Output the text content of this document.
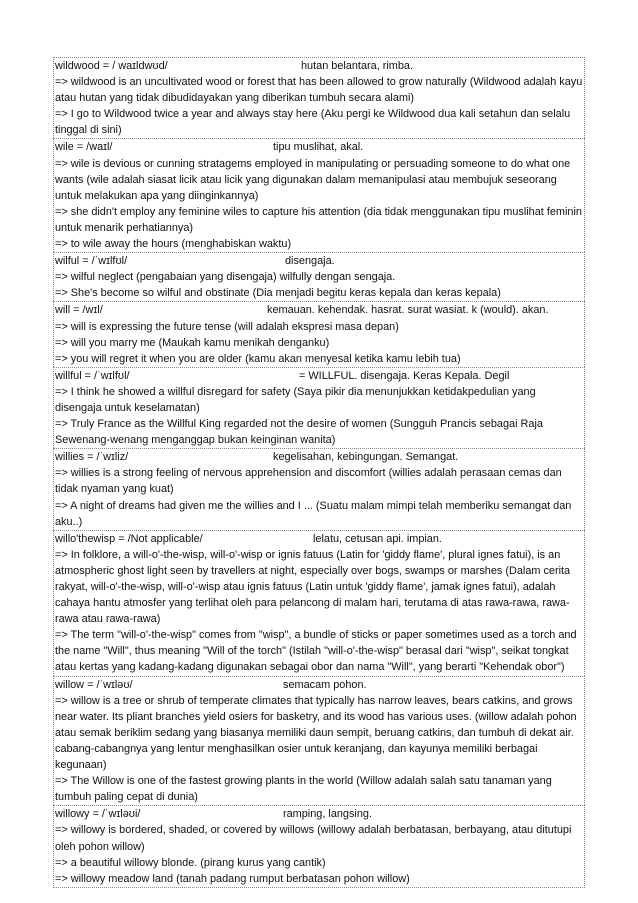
wildwood = / waɪldwʊd/	hutan belantara, rimba.

=> wildwood is an uncultivated wood or forest that has been allowed to grow naturally (Wildwood adalah kayu atau hutan yang tidak dibudidayakan yang diberikan tumbuh secara alami)

=> I go to Wildwood twice a year and always stay here (Aku pergi ke Wildwood dua kali setahun dan selalu tinggal di sini)

wile = /waɪl/	tipu muslihat, akal.

=> wile is devious or cunning stratagems employed in manipulating or persuading someone to do what one wants (wile adalah siasat licik atau licik yang digunakan dalam memanipulasi atau membujuk seseorang untuk melakukan apa yang diinginkannya)

=> she didn't employ any feminine wiles to capture his attention (dia tidak menggunakan tipu muslihat feminin untuk menarik perhatiannya)

=> to wile away the hours (menghabiskan waktu)

wilful = /ˈwɪlfʊl/	disengaja.

=> wilful neglect (pengabaian yang disengaja) wilfully dengan sengaja.

=> She's become so wilful and obstinate (Dia menjadi begitu keras kepala dan keras kepala)

will = /wɪl/	kemauan. kehendak. hasrat. surat wasiat. k (would). akan.

=> will is expressing the future tense (will adalah ekspresi masa depan)

=> will you marry me (Maukah kamu menikah denganku)

=> you will regret it when you are older (kamu akan menyesal ketika kamu lebih tua)

willful = /ˈwɪlfʊl/	= WILLFUL. disengaja. Keras Kepala. Degil

=> I think he showed a willful disregard for safety (Saya pikir dia menunjukkan ketidakpedulian yang disengaja untuk keselamatan)

=> Truly France as the Willful King regarded not the desire of women (Sungguh Prancis sebagai Raja Sewenang-wenang menganggap bukan keinginan wanita)

willies = /ˈwɪliz/	kegelisahan, kebingungan. Semangat.

=> willies is a strong feeling of nervous apprehension and discomfort (willies adalah perasaan cemas dan tidak nyaman yang kuat)

=> A night of dreams had given me the willies and I ... (Suatu malam mimpi telah memberiku semangat dan aku..)

willo'thewisp = /Not applicable/	lelatu, cetusan api. impian.

=> In folklore, a will-o'-the-wisp, will-o'-wisp or ignis fatuus (Latin for 'giddy flame', plural ignes fatui), is an atmospheric ghost light seen by travellers at night, especially over bogs, swamps or marshes (Dalam cerita rakyat, will-o'-the-wisp, will-o'-wisp atau ignis fatuus (Latin untuk 'giddy flame', jamak ignes fatui), adalah cahaya hantu atmosfer yang terlihat oleh para pelancong di malam hari, terutama di atas rawa-rawa, rawa-rawa atau rawa-rawa)

=> The term "will-o'-the-wisp" comes from "wisp", a bundle of sticks or paper sometimes used as a torch and the name "Will", thus meaning "Will of the torch" (Istilah "will-o'-the-wisp" berasal dari "wisp", seikat tongkat atau kertas yang kadang-kadang digunakan sebagai obor dan nama "Will", yang berarti "Kehendak obor")

willow = /ˈwɪləʊ/	semacam pohon.

=> willow is a tree or shrub of temperate climates that typically has narrow leaves, bears catkins, and grows near water. Its pliant branches yield osiers for basketry, and its wood has various uses. (willow adalah pohon atau semak beriklim sedang yang biasanya memiliki daun sempit, beruang catkins, dan tumbuh di dekat air. cabang-cabangnya yang lentur menghasilkan osier untuk keranjang, dan kayunya memiliki berbagai kegunaan)

=> The Willow is one of the fastest growing plants in the world (Willow adalah salah satu tanaman yang tumbuh paling cepat di dunia)

willowy = /ˈwɪləʊi/	ramping, langsing.

=> willowy is bordered, shaded, or covered by willows (willowy adalah berbatasan, berbayang, atau ditutupi oleh pohon willow)

=> a beautiful willowy blonde. (pirang kurus yang cantik)

=> willowy meadow land (tanah padang rumput berbatasan pohon willow)
